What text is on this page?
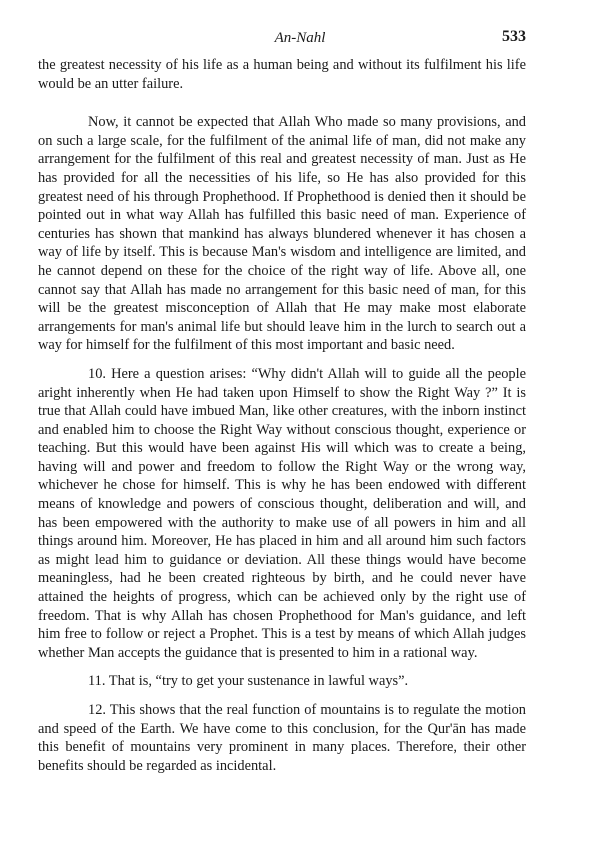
An-Nahl	533

the greatest necessity of his life as a human being and without its fulfilment his life would be an utter failure.

Now, it cannot be expected that Allah Who made so many provisions, and on such a large scale, for the fulfilment of the animal life of man, did not make any arrangement for the fulfilment of this real and greatest necessity of man. Just as He has provided for all the necessities of his life, so He has also provided for this greatest need of his through Prophethood. If Prophethood is denied then it should be pointed out in what way Allah has fulfilled this basic need of man. Experience of centuries has shown that mankind has always blundered whenever it has chosen a way of life by itself. This is because Man's wisdom and intelligence are limited, and he cannot depend on these for the choice of the right way of life. Above all, one cannot say that Allah has made no arrangement for this basic need of man, for this will be the greatest misconception of Allah that He may make most elaborate arrangements for man's animal life but should leave him in the lurch to search out a way for himself for the fulfilment of this most important and basic need.

10. Here a question arises: “Why didn't Allah will to guide all the people aright inherently when He had taken upon Himself to show the Right Way ?” It is true that Allah could have imbued Man, like other creatures, with the inborn instinct and enabled him to choose the Right Way without conscious thought, experience or teaching. But this would have been against His will which was to create a being, having will and power and freedom to follow the Right Way or the wrong way, whichever he chose for himself. This is why he has been endowed with different means of knowledge and powers of conscious thought, deliberation and will, and has been empowered with the authority to make use of all powers in him and all things around him. Moreover, He has placed in him and all around him such factors as might lead him to guidance or deviation. All these things would have become meaningless, had he been created righteous by birth, and he could never have attained the heights of progress, which can be achieved only by the right use of freedom. That is why Allah has chosen Prophethood for Man's guidance, and left him free to follow or reject a Prophet. This is a test by means of which Allah judges whether Man accepts the guidance that is presented to him in a rational way.

11. That is, “try to get your sustenance in lawful ways”.

12. This shows that the real function of mountains is to regulate the motion and speed of the Earth. We have come to this conclusion, for the Qur'ān has made this benefit of mountains very prominent in many places. Therefore, their other benefits should be regarded as incidental.
